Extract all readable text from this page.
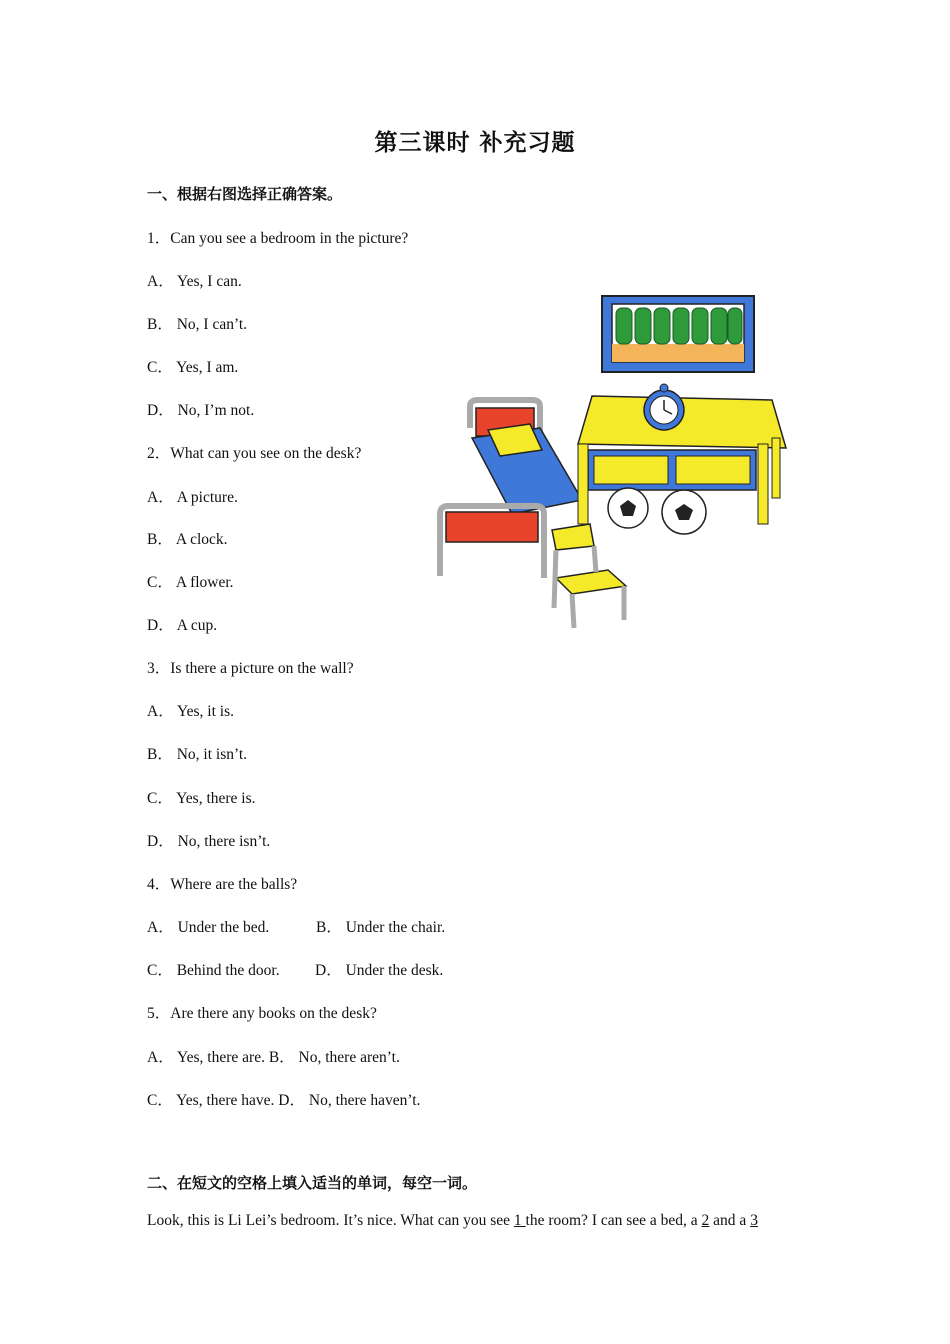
第三课时 补充习题
一、根据右图选择正确答案。
1．Can you see a bedroom in the picture?
A． Yes, I can.
B． No, I can’t.
C． Yes, I am.
D． No, I’m not.
2．What can you see on the desk?
A． A picture.
B． A clock.
C． A flower.
D． A cup.
3．Is there a picture on the wall?
A． Yes, it is.
B． No, it isn’t.
C． Yes, there is.
D． No, there isn’t.
4．Where are the balls?
A． Under the bed.	B． Under the chair.
C． Behind the door. D． Under the desk.
5．Are there any books on the desk?
A． Yes, there are. B． No, there aren’t.
C． Yes, there have. D． No, there haven’t.
二、在短文的空格上填入适当的单词，每空一词。
Look, this is Li Lei’s bedroom. It’s nice. What can you see 1 the room? I can see a bed, a 2 and a 3
